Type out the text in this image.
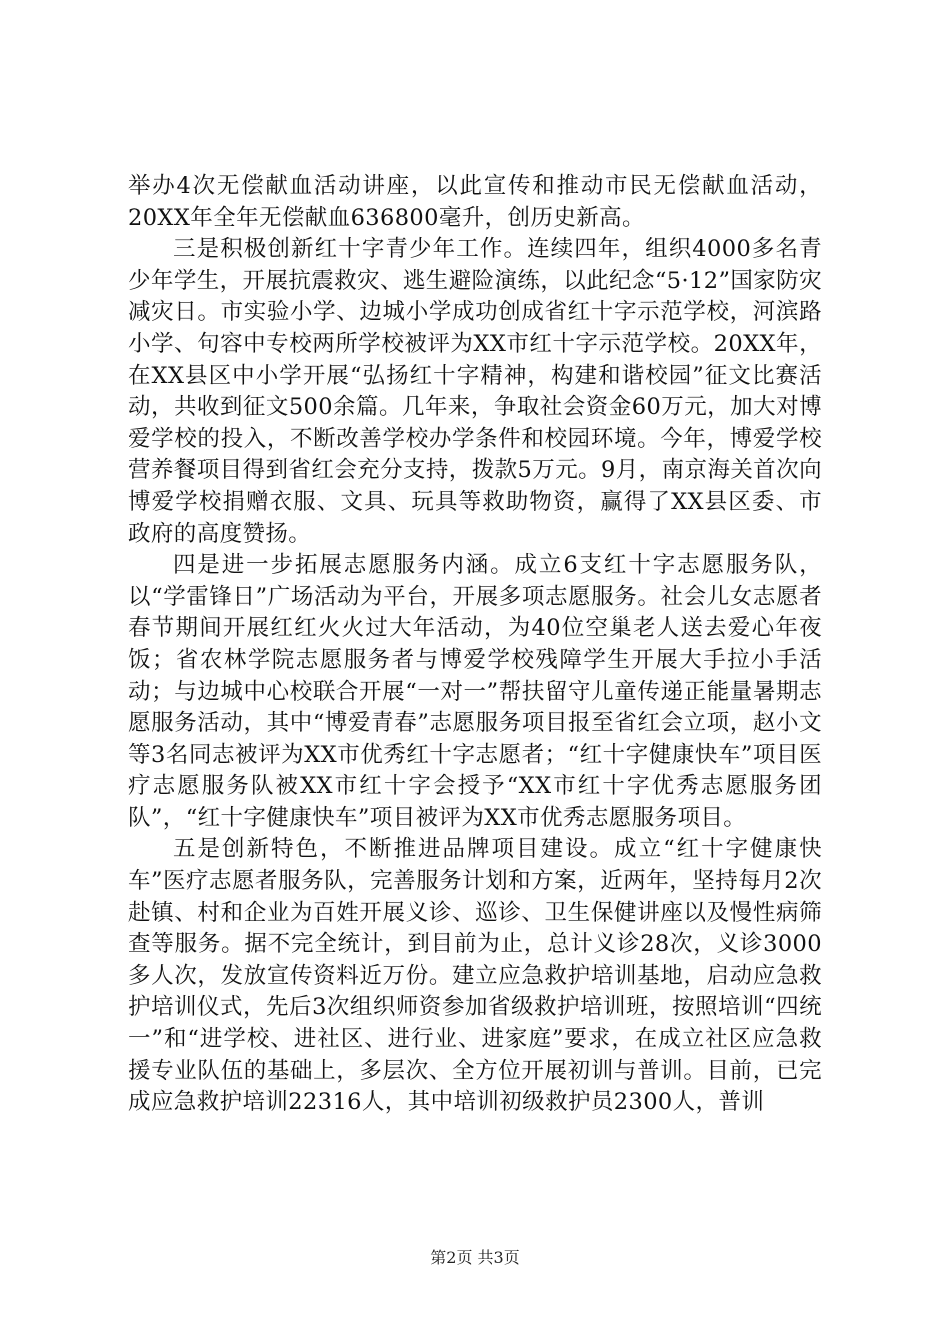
举办4次无偿献血活动讲座，以此宣传和推动市民无偿献血活动，20XX年全年无偿献血636800毫升，创历史新高。

三是积极创新红十字青少年工作。连续四年，组织4000多名青少年学生，开展抗震救灾、逃生避险演练，以此纪念“5·12”国家防灾减灾日。市实验小学、边城小学成功创成省红十字示范学校，河滨路小学、句容中专校两所学校被评为XX市红十字示范学校。20XX年，在XX县区中小学开展“弘扬红十字精神，构建和谐校园”征文比赛活动，共收到征文500余篇。几年来，争取社会资金60万元，加大对博爱学校的投入，不断改善学校办学条件和校园环境。今年，博爱学校营养餐项目得到省红会充分支持，拨款5万元。9月，南京海关首次向博爱学校捐赠衣服、文具、玩具等救助物资，赢得了XX县区委、市政府的高度赞扬。

四是进一步拓展志愿服务内涵。成立6支红十字志愿服务队，以“学雷锋日”广场活动为平台，开展多项志愿服务。社会儿女志愿者春节期间开展红红火火过大年活动，为40位空巢老人送去爱心年夜饭；省农林学院志愿服务者与博爱学校残障学生开展大手拉小手活动；与边城中心校联合开展“一对一”帮扶留守儿童传递正能量暑期志愿服务活动，其中“博爱青春”志愿服务项目报至省红会立项，赵小文等3名同志被评为XX市优秀红十字志愿者；“红十字健康快车”项目医疗志愿服务队被XX市红十字会授予“XX市红十字优秀志愿服务团队”，“红十字健康快车”项目被评为XX市优秀志愿服务项目。

五是创新特色，不断推进品牌项目建设。成立“红十字健康快车”医疗志愿者服务队，完善服务计划和方案，近两年，坚持每月2次赴镇、村和企业为百姓开展义诊、巡诊、卫生保健讲座以及慢性病筛查等服务。据不完全统计，到目前为止，总计义诊28次，义诊3000多人次，发放宣传资料近万份。建立应急救护培训基地，启动应急救护培训仪式，先后3次组织师资参加省级救护培训班，按照培训“四统一”和“进学校、进社区、进行业、进家庭”要求，在成立社区应急救援专业队伍的基础上，多层次、全方位开展初训与普训。目前，已完成应急救护培训22316人，其中培训初级救护员2300人，普训

第2页 共3页
